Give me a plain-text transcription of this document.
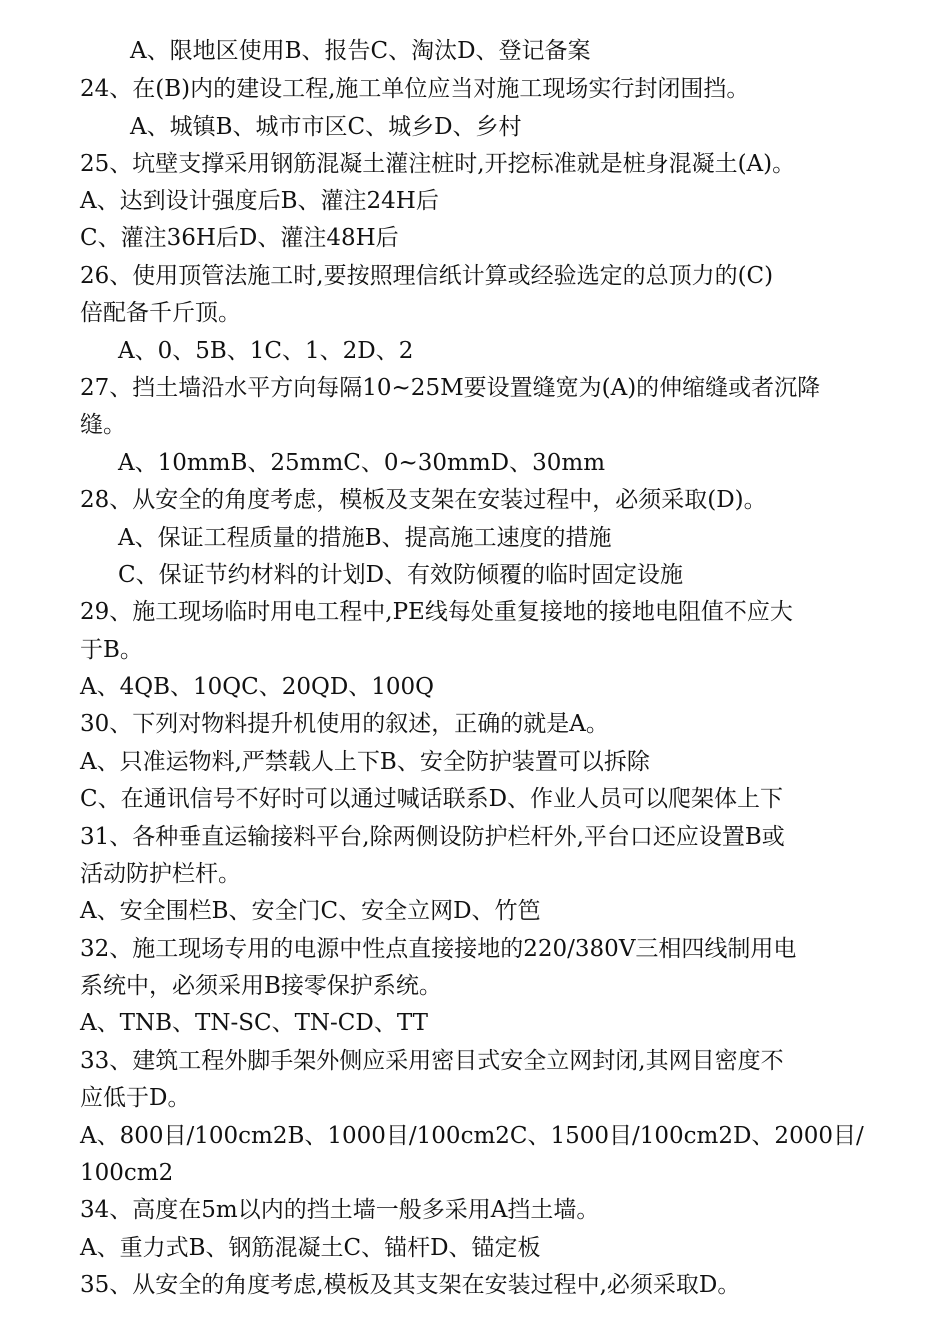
A、限地区使用B、报告C、淘汰D、登记备案
24、在(B)内的建设工程,施工单位应当对施工现场实行封闭围挡。
A、城镇B、城市市区C、城乡D、乡村
25、坑壁支撑采用钢筋混凝土灌注桩时,开挖标准就是桩身混凝土(A)。
A、达到设计强度后B、灌注24H后
C、灌注36H后D、灌注48H后
26、使用顶管法施工时,要按照理信纸计算或经验选定的总顶力的(C)
倍配备千斤顶。
A、0、5B、1C、1、2D、2
27、挡土墙沿水平方向每隔10~25M要设置缝宽为(A)的伸缩缝或者沉降
缝。
A、10mmB、25mmC、0~30mmD、30mm
28、从安全的角度考虑，模板及支架在安装过程中，必须采取(D)。
A、保证工程质量的措施B、提高施工速度的措施
C、保证节约材料的计划D、有效防倾覆的临时固定设施
29、施工现场临时用电工程中,PE线每处重复接地的接地电阻值不应大
于B。
A、4QB、10QC、20QD、100Q
30、下列对物料提升机使用的叙述，正确的就是A。
A、只准运物料,严禁载人上下B、安全防护装置可以拆除
C、在通讯信号不好时可以通过喊话联系D、作业人员可以爬架体上下
31、各种垂直运输接料平台,除两侧设防护栏杆外,平台口还应设置B或
活动防护栏杆。
A、安全围栏B、安全门C、安全立网D、竹笆
32、施工现场专用的电源中性点直接接地的220/380V三相四线制用电
系统中，必须采用B接零保护系统。
A、TNB、TN-SC、TN-CD、TT
33、建筑工程外脚手架外侧应采用密目式安全立网封闭,其网目密度不
应低于D。
A、800目/100cm2B、1000目/100cm2C、1500目/100cm2D、2000目/
100cm2
34、高度在5m以内的挡土墙一般多采用A挡土墙。
A、重力式B、钢筋混凝土C、锚杆D、锚定板
35、从安全的角度考虑,模板及其支架在安装过程中,必须采取D。
